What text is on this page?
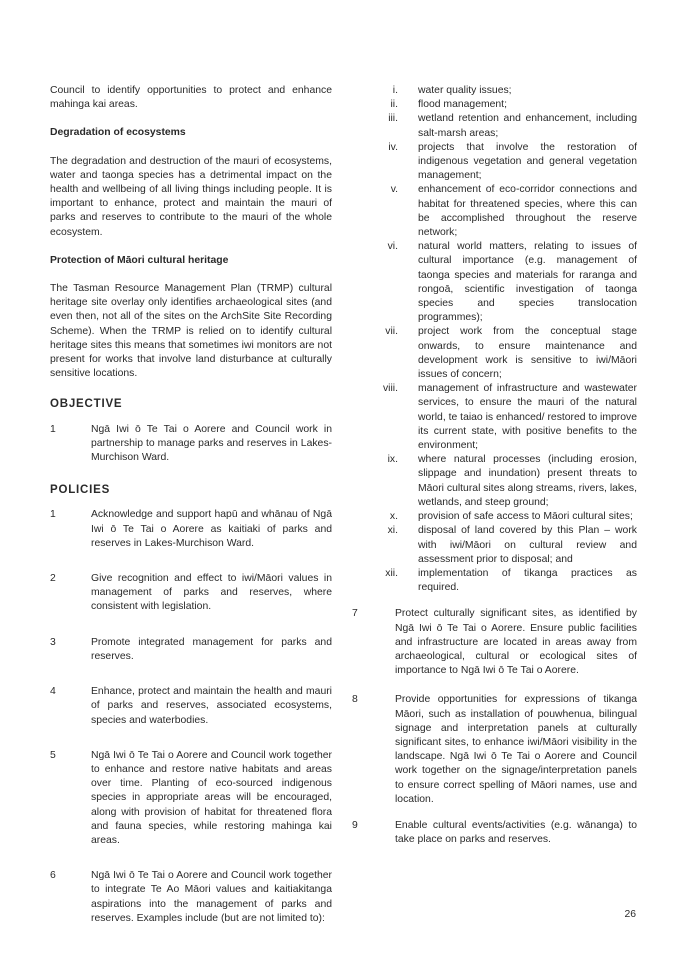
Council to identify opportunities to protect and enhance mahinga kai areas.

Degradation of ecosystems

The degradation and destruction of the mauri of ecosystems, water and taonga species has a detrimental impact on the health and wellbeing of all living things including people. It is important to enhance, protect and maintain the mauri of parks and reserves to contribute to the mauri of the whole ecosystem.

Protection of Māori cultural heritage

The Tasman Resource Management Plan (TRMP) cultural heritage site overlay only identifies archaeological sites (and even then, not all of the sites on the ArchSite Site Recording Scheme). When the TRMP is relied on to identify cultural heritage sites this means that sometimes iwi monitors are not present for works that involve land disturbance at culturally sensitive locations.

OBJECTIVE
1	Ngā Iwi ō Te Tai o Aorere and Council work in partnership to manage parks and reserves in Lakes-Murchison Ward.
POLICIES
1	Acknowledge and support hapū and whānau of Ngā Iwi ō Te Tai o Aorere as kaitiaki of parks and reserves in Lakes-Murchison Ward.
2	Give recognition and effect to iwi/Māori values in management of parks and reserves, where consistent with legislation.
3	Promote integrated management for parks and reserves.
4	Enhance, protect and maintain the health and mauri of parks and reserves, associated ecosystems, species and waterbodies.
5	Ngā Iwi ō Te Tai o Aorere and Council work together to enhance and restore native habitats and areas over time. Planting of eco-sourced indigenous species in appropriate areas will be encouraged, along with provision of habitat for threatened flora and fauna species, while restoring mahinga kai areas.
6	Ngā Iwi ō Te Tai o Aorere and Council work together to integrate Te Ao Māori values and kaitiakitanga aspirations into the management of parks and reserves. Examples include (but are not limited to):
i.	water quality issues;
ii.	flood management;
iii.	wetland retention and enhancement, including salt-marsh areas;
iv.	projects that involve the restoration of indigenous vegetation and general vegetation management;
v.	enhancement of eco-corridor connections and habitat for threatened species, where this can be accomplished throughout the reserve network;
vi.	natural world matters, relating to issues of cultural importance (e.g. management of taonga species and materials for raranga and rongoā, scientific investigation of taonga species and species translocation programmes);
vii.	project work from the conceptual stage onwards, to ensure maintenance and development work is sensitive to iwi/Māori issues of concern;
viii.	management of infrastructure and wastewater services, to ensure the mauri of the natural world, te taiao is enhanced/ restored to improve its current state, with positive benefits to the environment;
ix.	where natural processes (including erosion, slippage and inundation) present threats to Māori cultural sites along streams, rivers, lakes, wetlands, and steep ground;
x.	provision of safe access to Māori cultural sites;
xi.	disposal of land covered by this Plan – work with iwi/Māori on cultural review and assessment prior to disposal; and
xii.	implementation of tikanga practices as required.
7	Protect culturally significant sites, as identified by Ngā Iwi ō Te Tai o Aorere. Ensure public facilities and infrastructure are located in areas away from archaeological, cultural or ecological sites of importance to Ngā Iwi ō Te Tai o Aorere.
8	Provide opportunities for expressions of tikanga Māori, such as installation of pouwhenua, bilingual signage and interpretation panels at culturally significant sites, to enhance iwi/Māori visibility in the landscape. Ngā Iwi ō Te Tai o Aorere and Council work together on the signage/interpretation panels to ensure correct spelling of Māori names, use and location.
9	Enable cultural events/activities (e.g. wānanga) to take place on parks and reserves.
26
